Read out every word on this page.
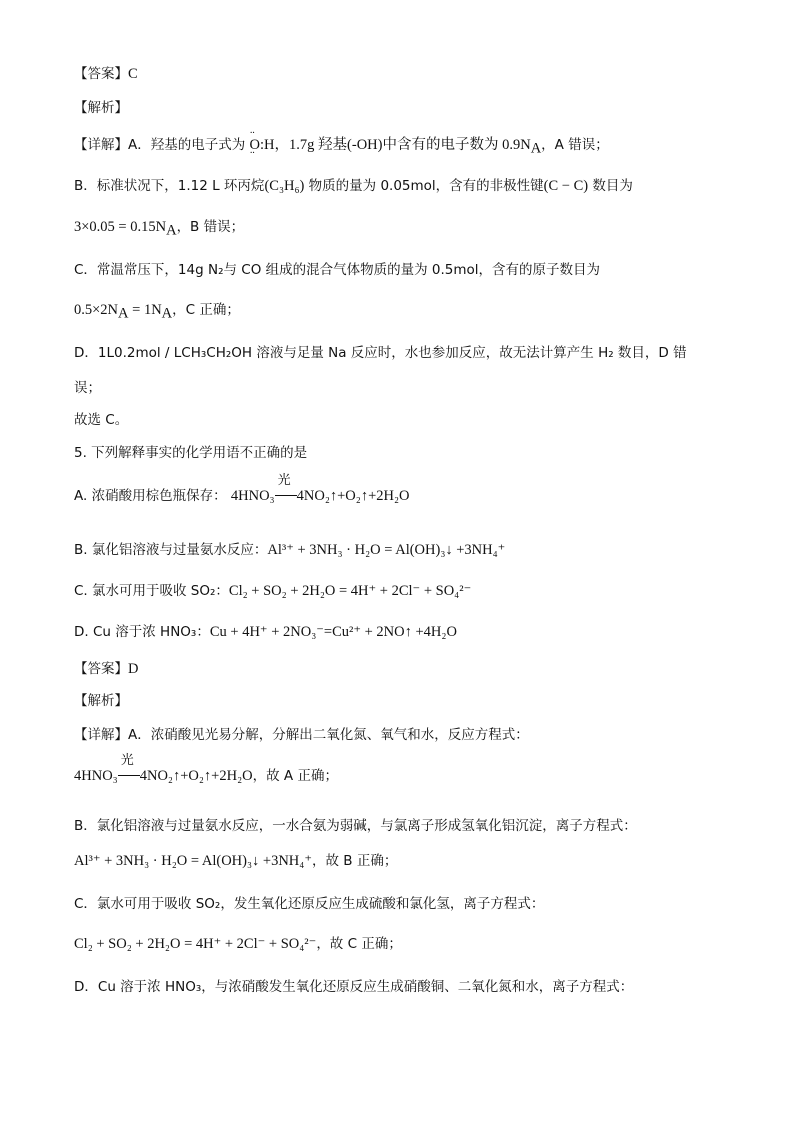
【答案】C
【解析】
【详解】A．羟基的电子式为 ·· O:H ··，1.7g 羟基(-OH)中含有的电子数为 $0.9N_A$，A 错误；
B．标准状况下，1.12 L 环丙烷(C₃H₆) 物质的量为 0.05mol，含有的非极性键(C − C) 数目为
$3\times 0.05 = 0.15N_A$，B 错误；
C．常温常压下，14g N₂与 CO 组成的混合气体物质的量为 0.5mol，含有的原子数目为
$0.5\times 2N_A = 1N_A$，C 正确；
D．1L0.2mol / LCH₃CH₂OH 溶液与足量 Na 反应时，水也参加反应，故无法计算产生 H₂ 数目，D 错
误；
故选 C。
5. 下列解释事实的化学用语不正确的是
A. 浓硝酸用棕色瓶保存： 4HNO₃
光
4NO₂↑+O₂↑+2H₂O
B. 氯化铝溶液与过量氨水反应：Al³⁺ + 3NH₃ · H₂O = Al(OH)₃↓ +3NH₄⁺
C. 氯水可用于吸收 SO₂：Cl₂ + SO₂ + 2H₂O = 4H⁺ + 2Cl⁻ + SO₄²⁻
D. Cu 溶于浓 HNO₃：Cu + 4H⁺ + 2NO₃⁻=Cu²⁺ + 2NO↑ +4H₂O
【答案】D
【解析】
【详解】A．浓硝酸见光易分解，分解出二氧化氮、氧气和水，反应方程式：
4HNO₃
光
4NO₂↑+O₂↑+2H₂O，故 A 正确；
B．氯化铝溶液与过量氨水反应，一水合氨为弱碱，与氯离子形成氢氧化铝沉淀，离子方程式：
Al³⁺ + 3NH₃ · H₂O = Al(OH)₃↓ +3NH₄⁺，故 B 正确；
C．氯水可用于吸收 SO₂，发生氧化还原反应生成硫酸和氯化氢，离子方程式：
Cl₂ + SO₂ + 2H₂O = 4H⁺ + 2Cl⁻ + SO₄²⁻，故 C 正确；
D．Cu 溶于浓 HNO₃，与浓硝酸发生氧化还原反应生成硝酸铜、二氧化氮和水，离子方程式：
